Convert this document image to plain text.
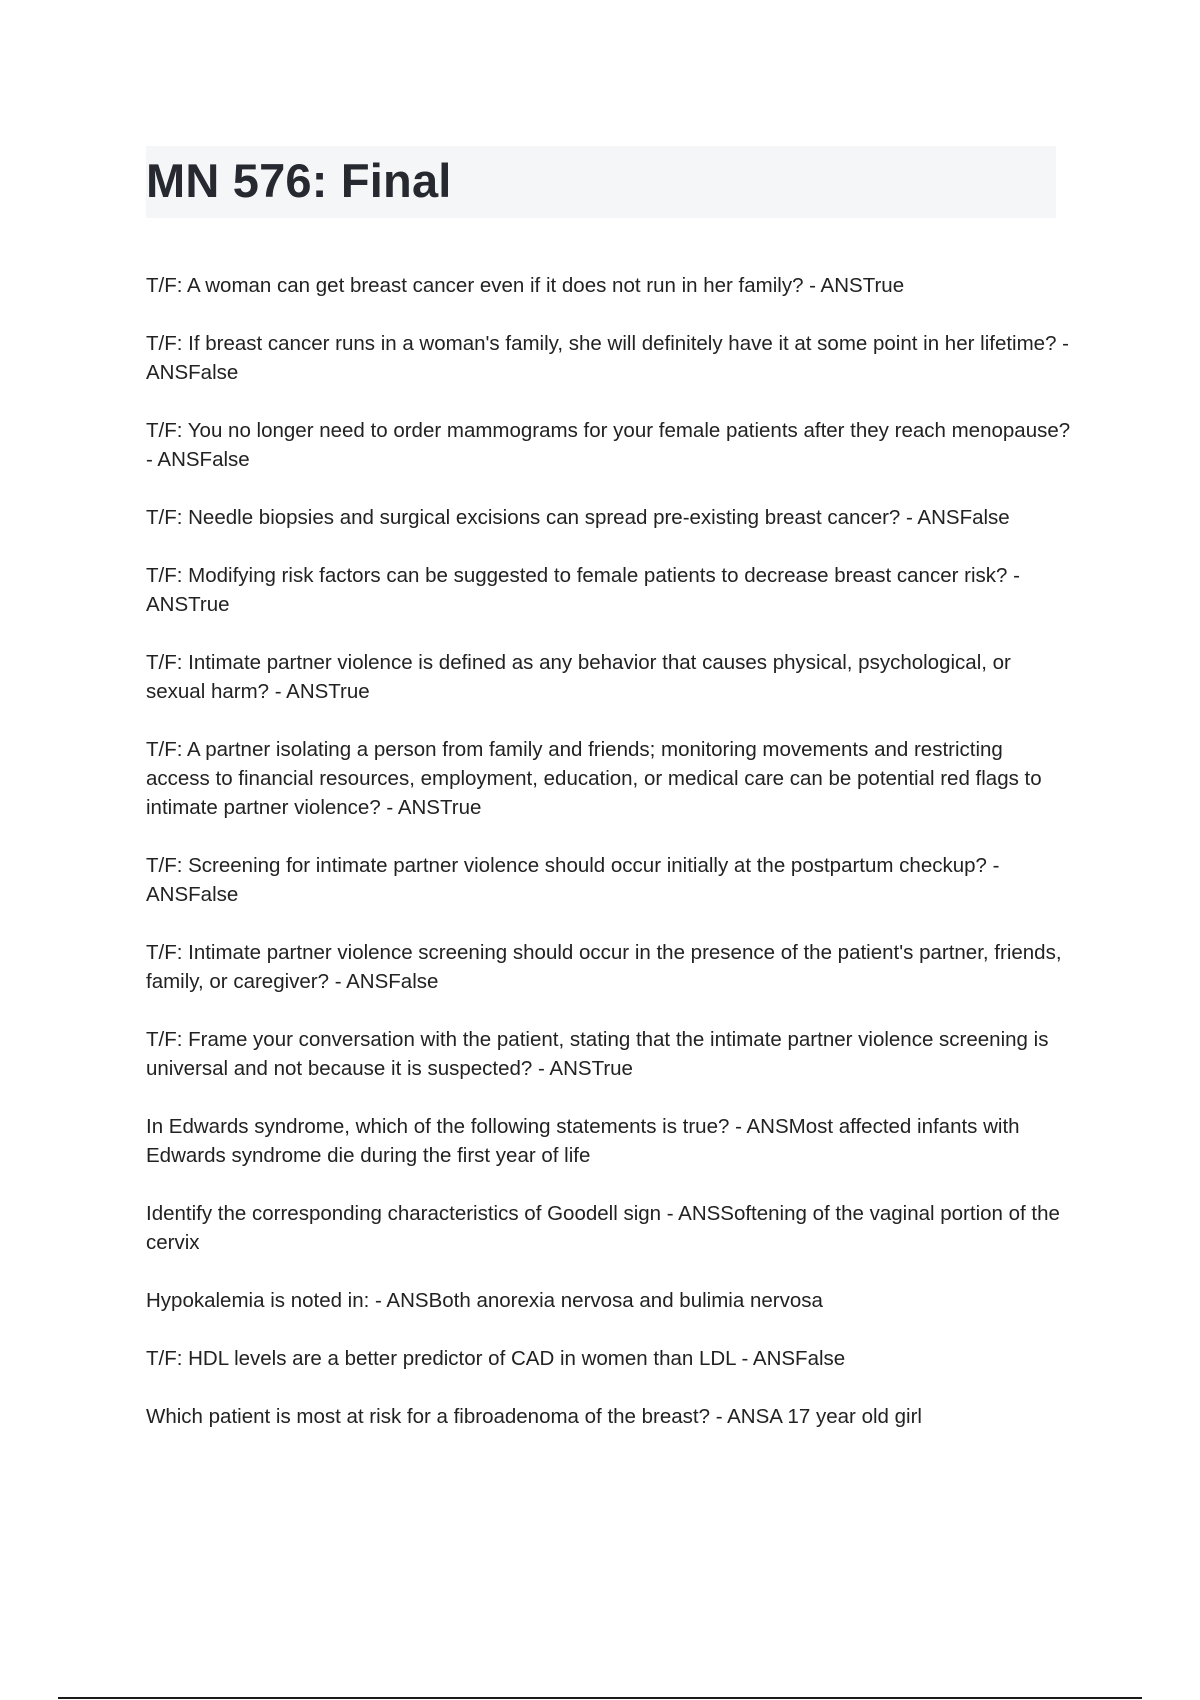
MN 576: Final
T/F: A woman can get breast cancer even if it does not run in her family? - ANSTrue
T/F: If breast cancer runs in a woman's family, she will definitely have it at some point in her lifetime? - ANSFalse
T/F: You no longer need to order mammograms for your female patients after they reach menopause? - ANSFalse
T/F: Needle biopsies and surgical excisions can spread pre-existing breast cancer? - ANSFalse
T/F: Modifying risk factors can be suggested to female patients to decrease breast cancer risk? - ANSTrue
T/F: Intimate partner violence is defined as any behavior that causes physical, psychological, or sexual harm? - ANSTrue
T/F: A partner isolating a person from family and friends; monitoring movements and restricting access to financial resources, employment, education, or medical care can be potential red flags to intimate partner violence? - ANSTrue
T/F: Screening for intimate partner violence should occur initially at the postpartum checkup? - ANSFalse
T/F: Intimate partner violence screening should occur in the presence of the patient's partner, friends, family, or caregiver? - ANSFalse
T/F: Frame your conversation with the patient, stating that the intimate partner violence screening is universal and not because it is suspected? - ANSTrue
In Edwards syndrome, which of the following statements is true? - ANSMost affected infants with Edwards syndrome die during the first year of life
Identify the corresponding characteristics of Goodell sign - ANSSoftening of the vaginal portion of the cervix
Hypokalemia is noted in: - ANSBoth anorexia nervosa and bulimia nervosa
T/F: HDL levels are a better predictor of CAD in women than LDL - ANSFalse
Which patient is most at risk for a fibroadenoma of the breast? - ANSA 17 year old girl
